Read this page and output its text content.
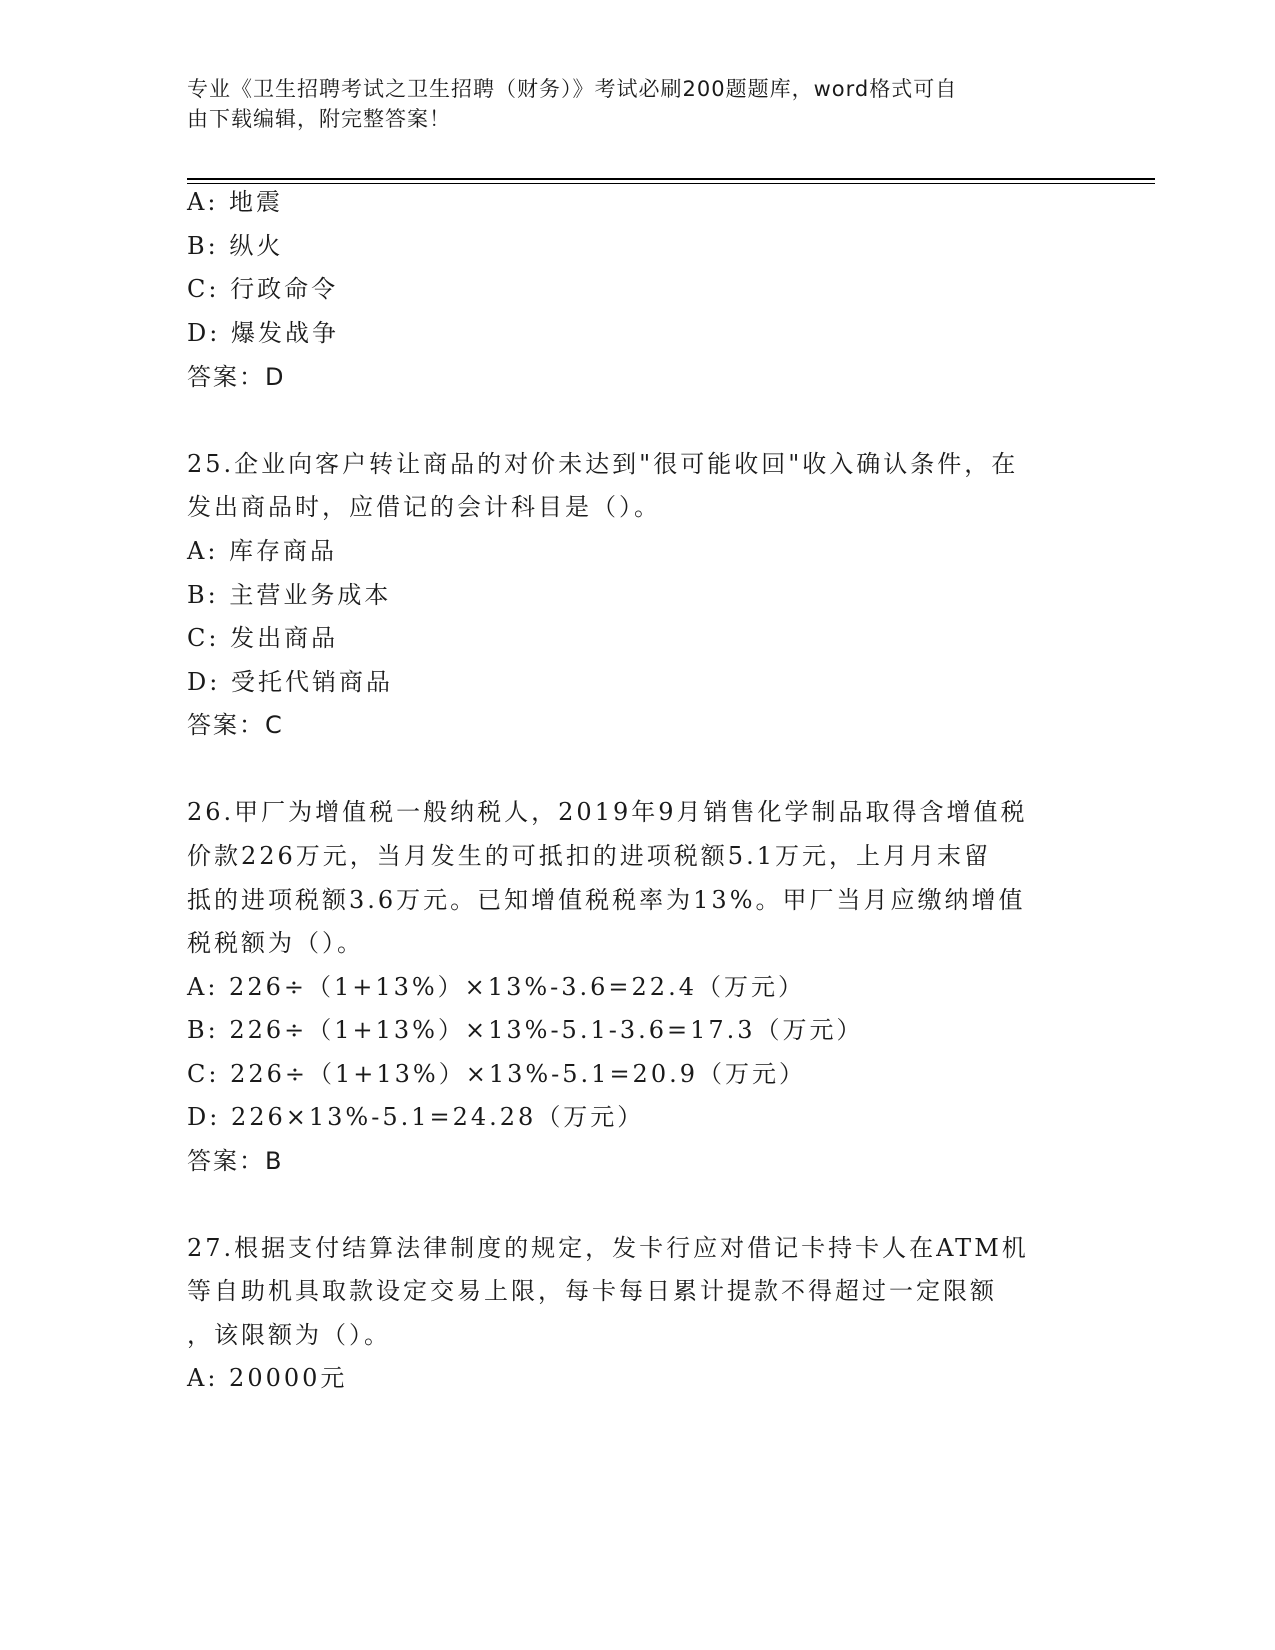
专业《卫生招聘考试之卫生招聘（财务）》考试必刷200题题库，word格式可自
由下载编辑，附完整答案！
A: 地震
B: 纵火
C: 行政命令
D: 爆发战争
答案：D
25.企业向客户转让商品的对价未达到"很可能收回"收入确认条件，在
发出商品时，应借记的会计科目是（）。
A: 库存商品
B: 主营业务成本
C: 发出商品
D: 受托代销商品
答案：C
26.甲厂为增值税一般纳税人，2019年9月销售化学制品取得含增值税
价款226万元，当月发生的可抵扣的进项税额5.1万元，上月月末留
抵的进项税额3.6万元。已知增值税税率为13%。甲厂当月应缴纳增值
税税额为（）。
A: 226÷（1+13%）×13%-3.6=22.4（万元）
B: 226÷（1+13%）×13%-5.1-3.6=17.3（万元）
C: 226÷（1+13%）×13%-5.1=20.9（万元）
D: 226×13%-5.1=24.28（万元）
答案：B
27.根据支付结算法律制度的规定，发卡行应对借记卡持卡人在ATM机
等自助机具取款设定交易上限，每卡每日累计提款不得超过一定限额
，该限额为（）。
A: 20000元
